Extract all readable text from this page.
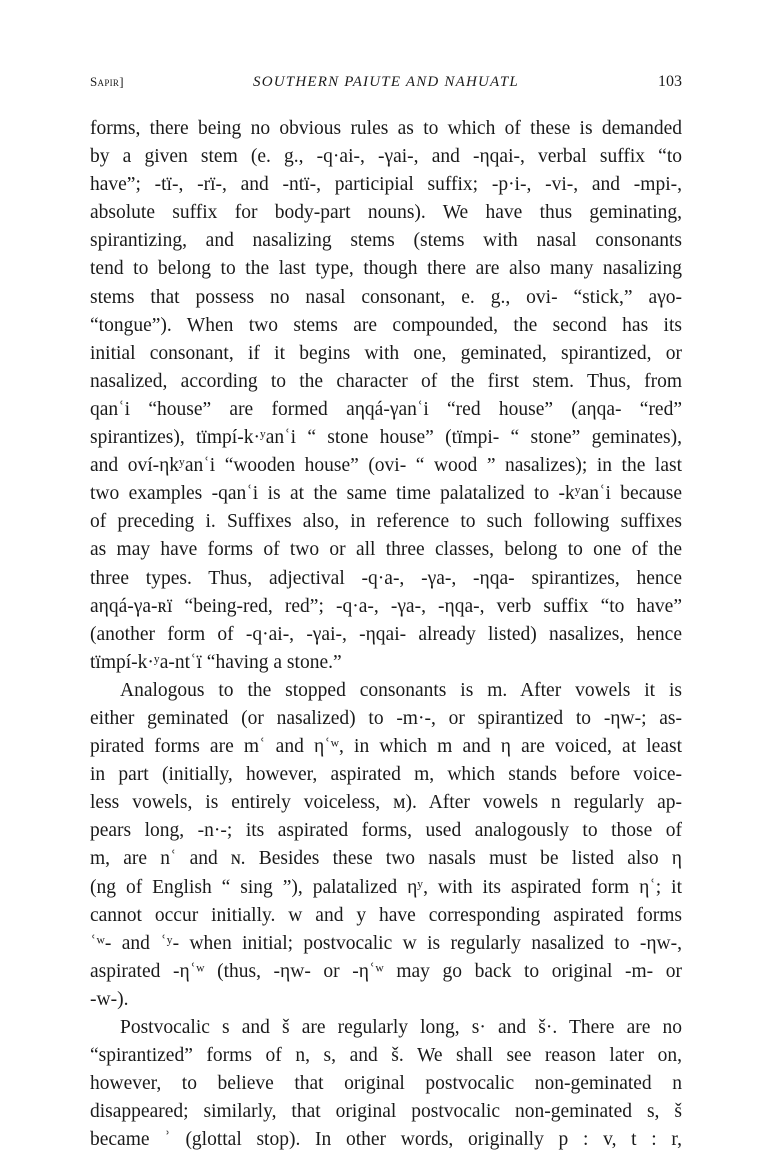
Sapir]	SOUTHERN PAIUTE AND NAHUATL	103
forms, there being no obvious rules as to which of these is demanded
by a given stem (e. g., -q·ai-, -γai-, and -ηqai-, verbal suffix “to
have”; -tï-, -rï-, and -ntï-, participial suffix; -p·i-, -vi-, and -mpi-,
absolute suffix for body-part nouns). We have thus geminating,
spirantizing, and nasalizing stems (stems with nasal consonants
tend to belong to the last type, though there are also many nasalizing
stems that possess no nasal consonant, e. g., ovi- “stick,” aγo-
“tongue”). When two stems are compounded, the second has its
initial consonant, if it begins with one, geminated, spirantized, or
nasalized, according to the character of the first stem. Thus, from
qanʿi “house” are formed aηqá-γanʿi “red house” (aηqa- “red”
spirantizes), tïmpí-k·ʸanʿi “ stone house” (tïmpi- “ stone” geminates),
and oví-ηkʸanʿi “wooden house” (ovi- “ wood ” nasalizes); in the last
two examples -qanʿi is at the same time palatalized to -kʸanʿi because
of preceding i. Suffixes also, in reference to such following suffixes
as may have forms of two or all three classes, belong to one of the
three types. Thus, adjectival -q·a-, -γa-, -ηqa- spirantizes, hence
aηqá-γa-ʀï “being-red, red”; -q·a-, -γa-, -ηqa-, verb suffix “to have”
(another form of -q·ai-, -γai-, -ηqai- already listed) nasalizes, hence
tïmpí-k·ʸa-ntʿï “having a stone.”
Analogous to the stopped consonants is m. After vowels it is
either geminated (or nasalized) to -m·-, or spirantized to -ηw-; as-
pirated forms are mʿ and ηʿʷ, in which m and η are voiced, at least
in part (initially, however, aspirated m, which stands before voice-
less vowels, is entirely voiceless, ᴍ). After vowels n regularly ap-
pears long, -n·-; its aspirated forms, used analogously to those of
m, are nʿ and ɴ. Besides these two nasals must be listed also η
(ng of English “ sing ”), palatalized ηʸ, with its aspirated form ηʿ; it
cannot occur initially. w and y have corresponding aspirated forms
ʿʷ- and ʿʸ- when initial; postvocalic w is regularly nasalized to -ηw-,
aspirated -ηʿʷ (thus, -ηw- or -ηʿʷ may go back to original -m- or
-w-).
Postvocalic s and š are regularly long, s· and š·. There are no
“spirantized” forms of n, s, and š. We shall see reason later on,
however, to believe that original postvocalic non-geminated n
disappeared; similarly, that original postvocalic non-geminated s, š
became ʾ (glottal stop). In other words, originally p : v, t : r,
